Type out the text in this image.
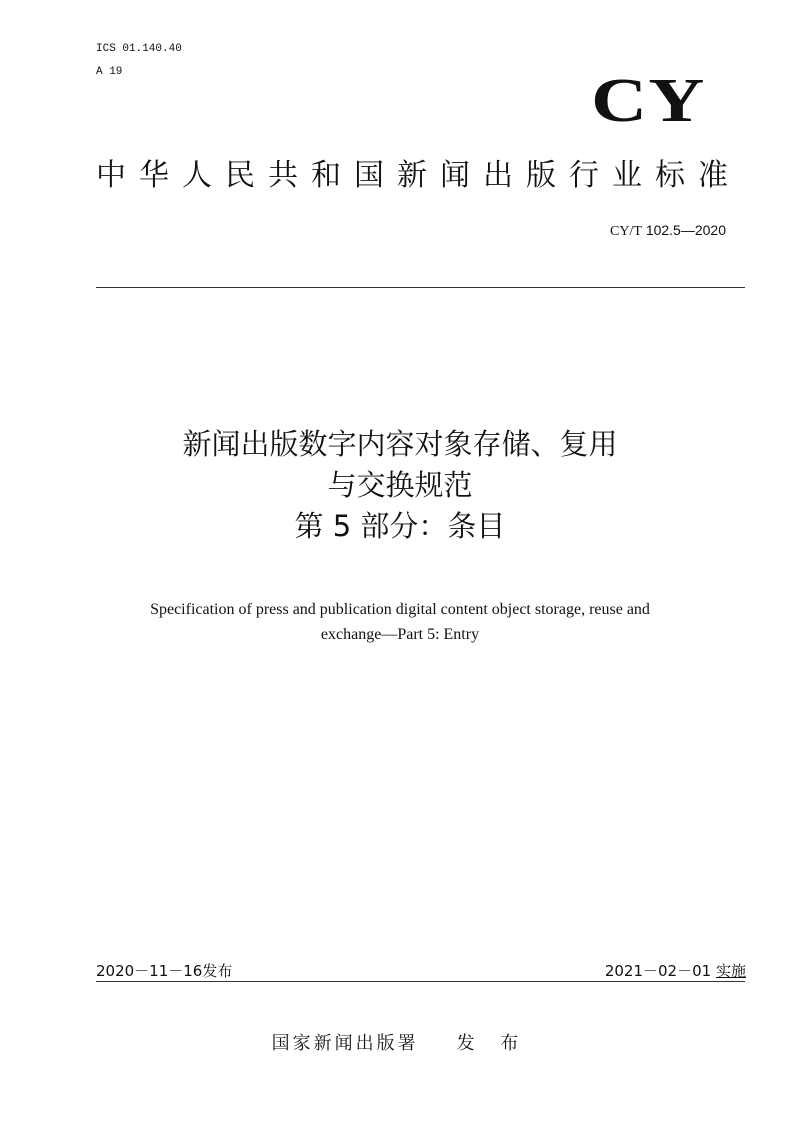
ICS 01.140.40
A 19	CY
中华人民共和国新闻出版行业标准
CY/T 102.5—2020
新闻出版数字内容对象存储、复用
与交换规范
第 5 部分：条目
Specification of press and publication digital content object storage, reuse and
exchange—Part 5: Entry
2020－11－16发布	2021－02－01 实施
国家新闻出版署 发 布
